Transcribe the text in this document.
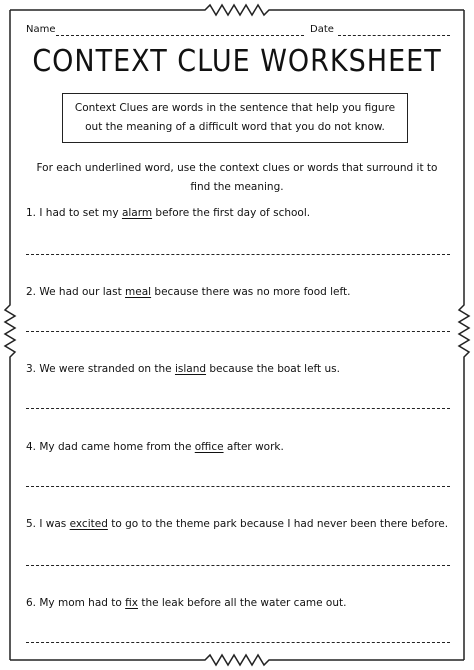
Name	Date
CONTEXT CLUE WORKSHEET
Context Clues are words in the sentence that help you figure out the meaning of a difficult word that you do not know.
For each underlined word, use the context clues or words that surround it to find the meaning.
1. I had to set my alarm before the first day of school.
2. We had our last meal because there was no more food left.
3. We were stranded on the island because the boat left us.
4. My dad came home from the office after work.
5. I was excited to go to the theme park because I had never been there before.
6. My mom had to fix the leak before all the water came out.
